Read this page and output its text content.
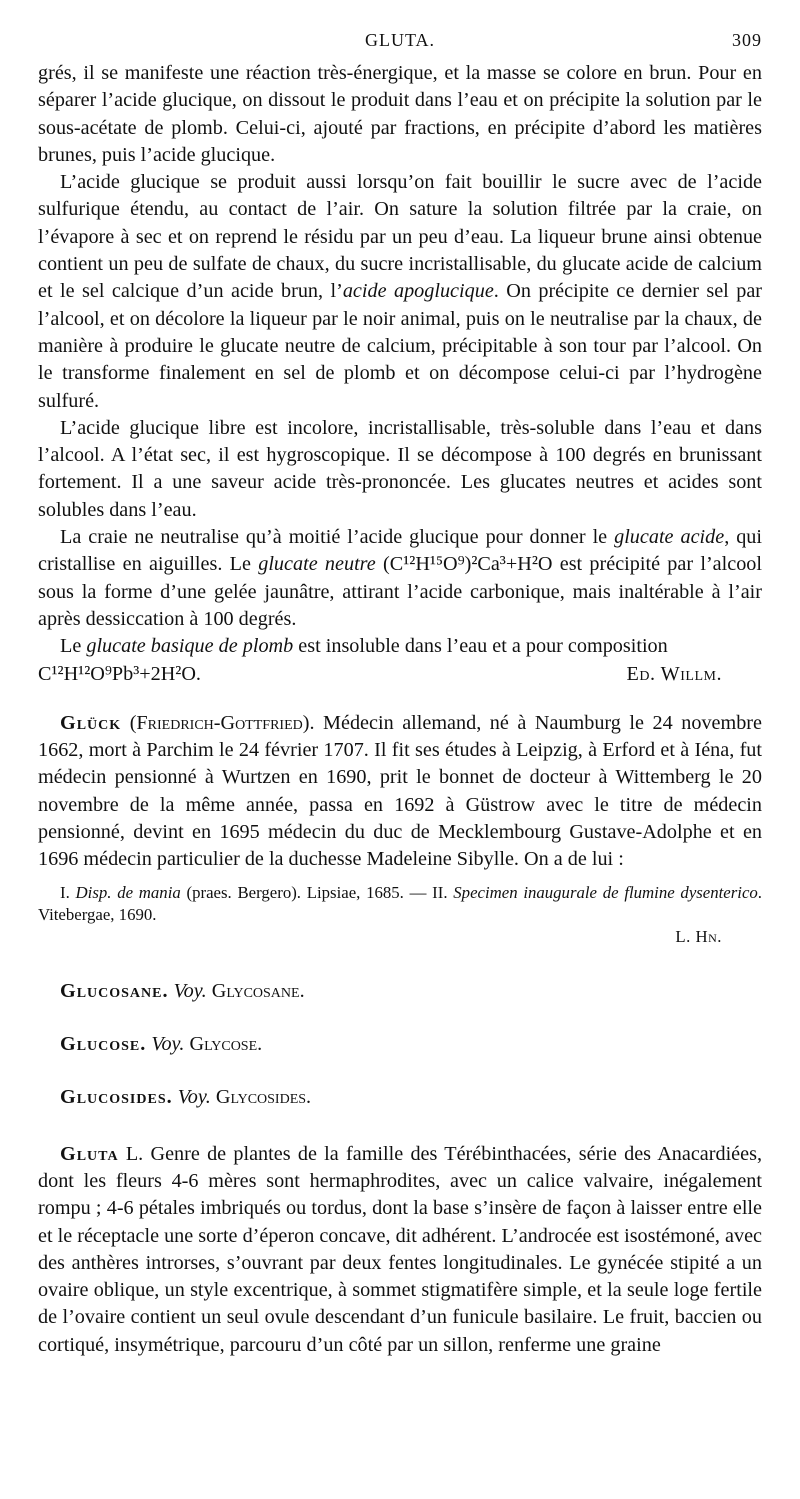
GLUTA.	309

grés, il se manifeste une réaction très-énergique, et la masse se colore en brun. Pour en séparer l’acide glucique, on dissout le produit dans l’eau et on précipite la solution par le sous-acétate de plomb. Celui-ci, ajouté par fractions, en précipite d’abord les matières brunes, puis l’acide glucique.

L’acide glucique se produit aussi lorsqu’on fait bouillir le sucre avec de l’acide sulfurique étendu, au contact de l’air. On sature la solution filtrée par la craie, on l’évapore à sec et on reprend le résidu par un peu d’eau. La liqueur brune ainsi obtenue contient un peu de sulfate de chaux, du sucre incristallisable, du glucate acide de calcium et le sel calcique d’un acide brun, l’acide apoglucique. On précipite ce dernier sel par l’alcool, et on décolore la liqueur par le noir animal, puis on le neutralise par la chaux, de manière à produire le glucate neutre de calcium, précipitable à son tour par l’alcool. On le transforme finalement en sel de plomb et on décompose celui-ci par l’hydrogène sulfuré.

L’acide glucique libre est incolore, incristallisable, très-soluble dans l’eau et dans l’alcool. A l’état sec, il est hygroscopique. Il se décompose à 100 degrés en brunissant fortement. Il a une saveur acide très-prononcée. Les glucates neutres et acides sont solubles dans l’eau.

La craie ne neutralise qu’à moitié l’acide glucique pour donner le glucate acide, qui cristallise en aiguilles. Le glucate neutre (C¹²H¹⁵O⁹)²Ca³+H²O est précipité par l’alcool sous la forme d’une gelée jaunâtre, attirant l’acide carbonique, mais inaltérable à l’air après dessiccation à 100 degrés.

Le glucate basique de plomb est insoluble dans l’eau et a pour composition

C¹²H¹²O⁹Pb³+2H²O.	Ed. Willm.

Glück (Friedrich-Gottfried). Médecin allemand, né à Naumburg le 24 novembre 1662, mort à Parchim le 24 février 1707. Il fit ses études à Leipzig, à Erford et à Iéna, fut médecin pensionné à Wurtzen en 1690, prit le bonnet de docteur à Wittemberg le 20 novembre de la même année, passa en 1692 à Güstrow avec le titre de médecin pensionné, devint en 1695 médecin du duc de Mecklembourg Gustave-Adolphe et en 1696 médecin particulier de la duchesse Madeleine Sibylle. On a de lui :

I. Disp. de mania (praes. Bergero). Lipsiae, 1685. — II. Specimen inaugurale de flumine dysenterico. Vitebergae, 1690.

L. Hn.
Glucosane. Voy. Glycosane.
Glucose. Voy. Glycose.
Glucosides. Voy. Glycosides.

Gluta L. Genre de plantes de la famille des Térébinthacées, série des Anacardiées, dont les fleurs 4-6 mères sont hermaphrodites, avec un calice valvaire, inégalement rompu ; 4-6 pétales imbriqués ou tordus, dont la base s’insère de façon à laisser entre elle et le réceptacle une sorte d’éperon concave, dit adhérent. L’androcée est isostémoné, avec des anthères introrses, s’ouvrant par deux fentes longitudinales. Le gynécée stipité a un ovaire oblique, un style excentrique, à sommet stigmatifère simple, et la seule loge fertile de l’ovaire contient un seul ovule descendant d’un funicule basilaire. Le fruit, baccien ou cortiqué, insymétrique, parcouru d’un côté par un sillon, renferme une graine
